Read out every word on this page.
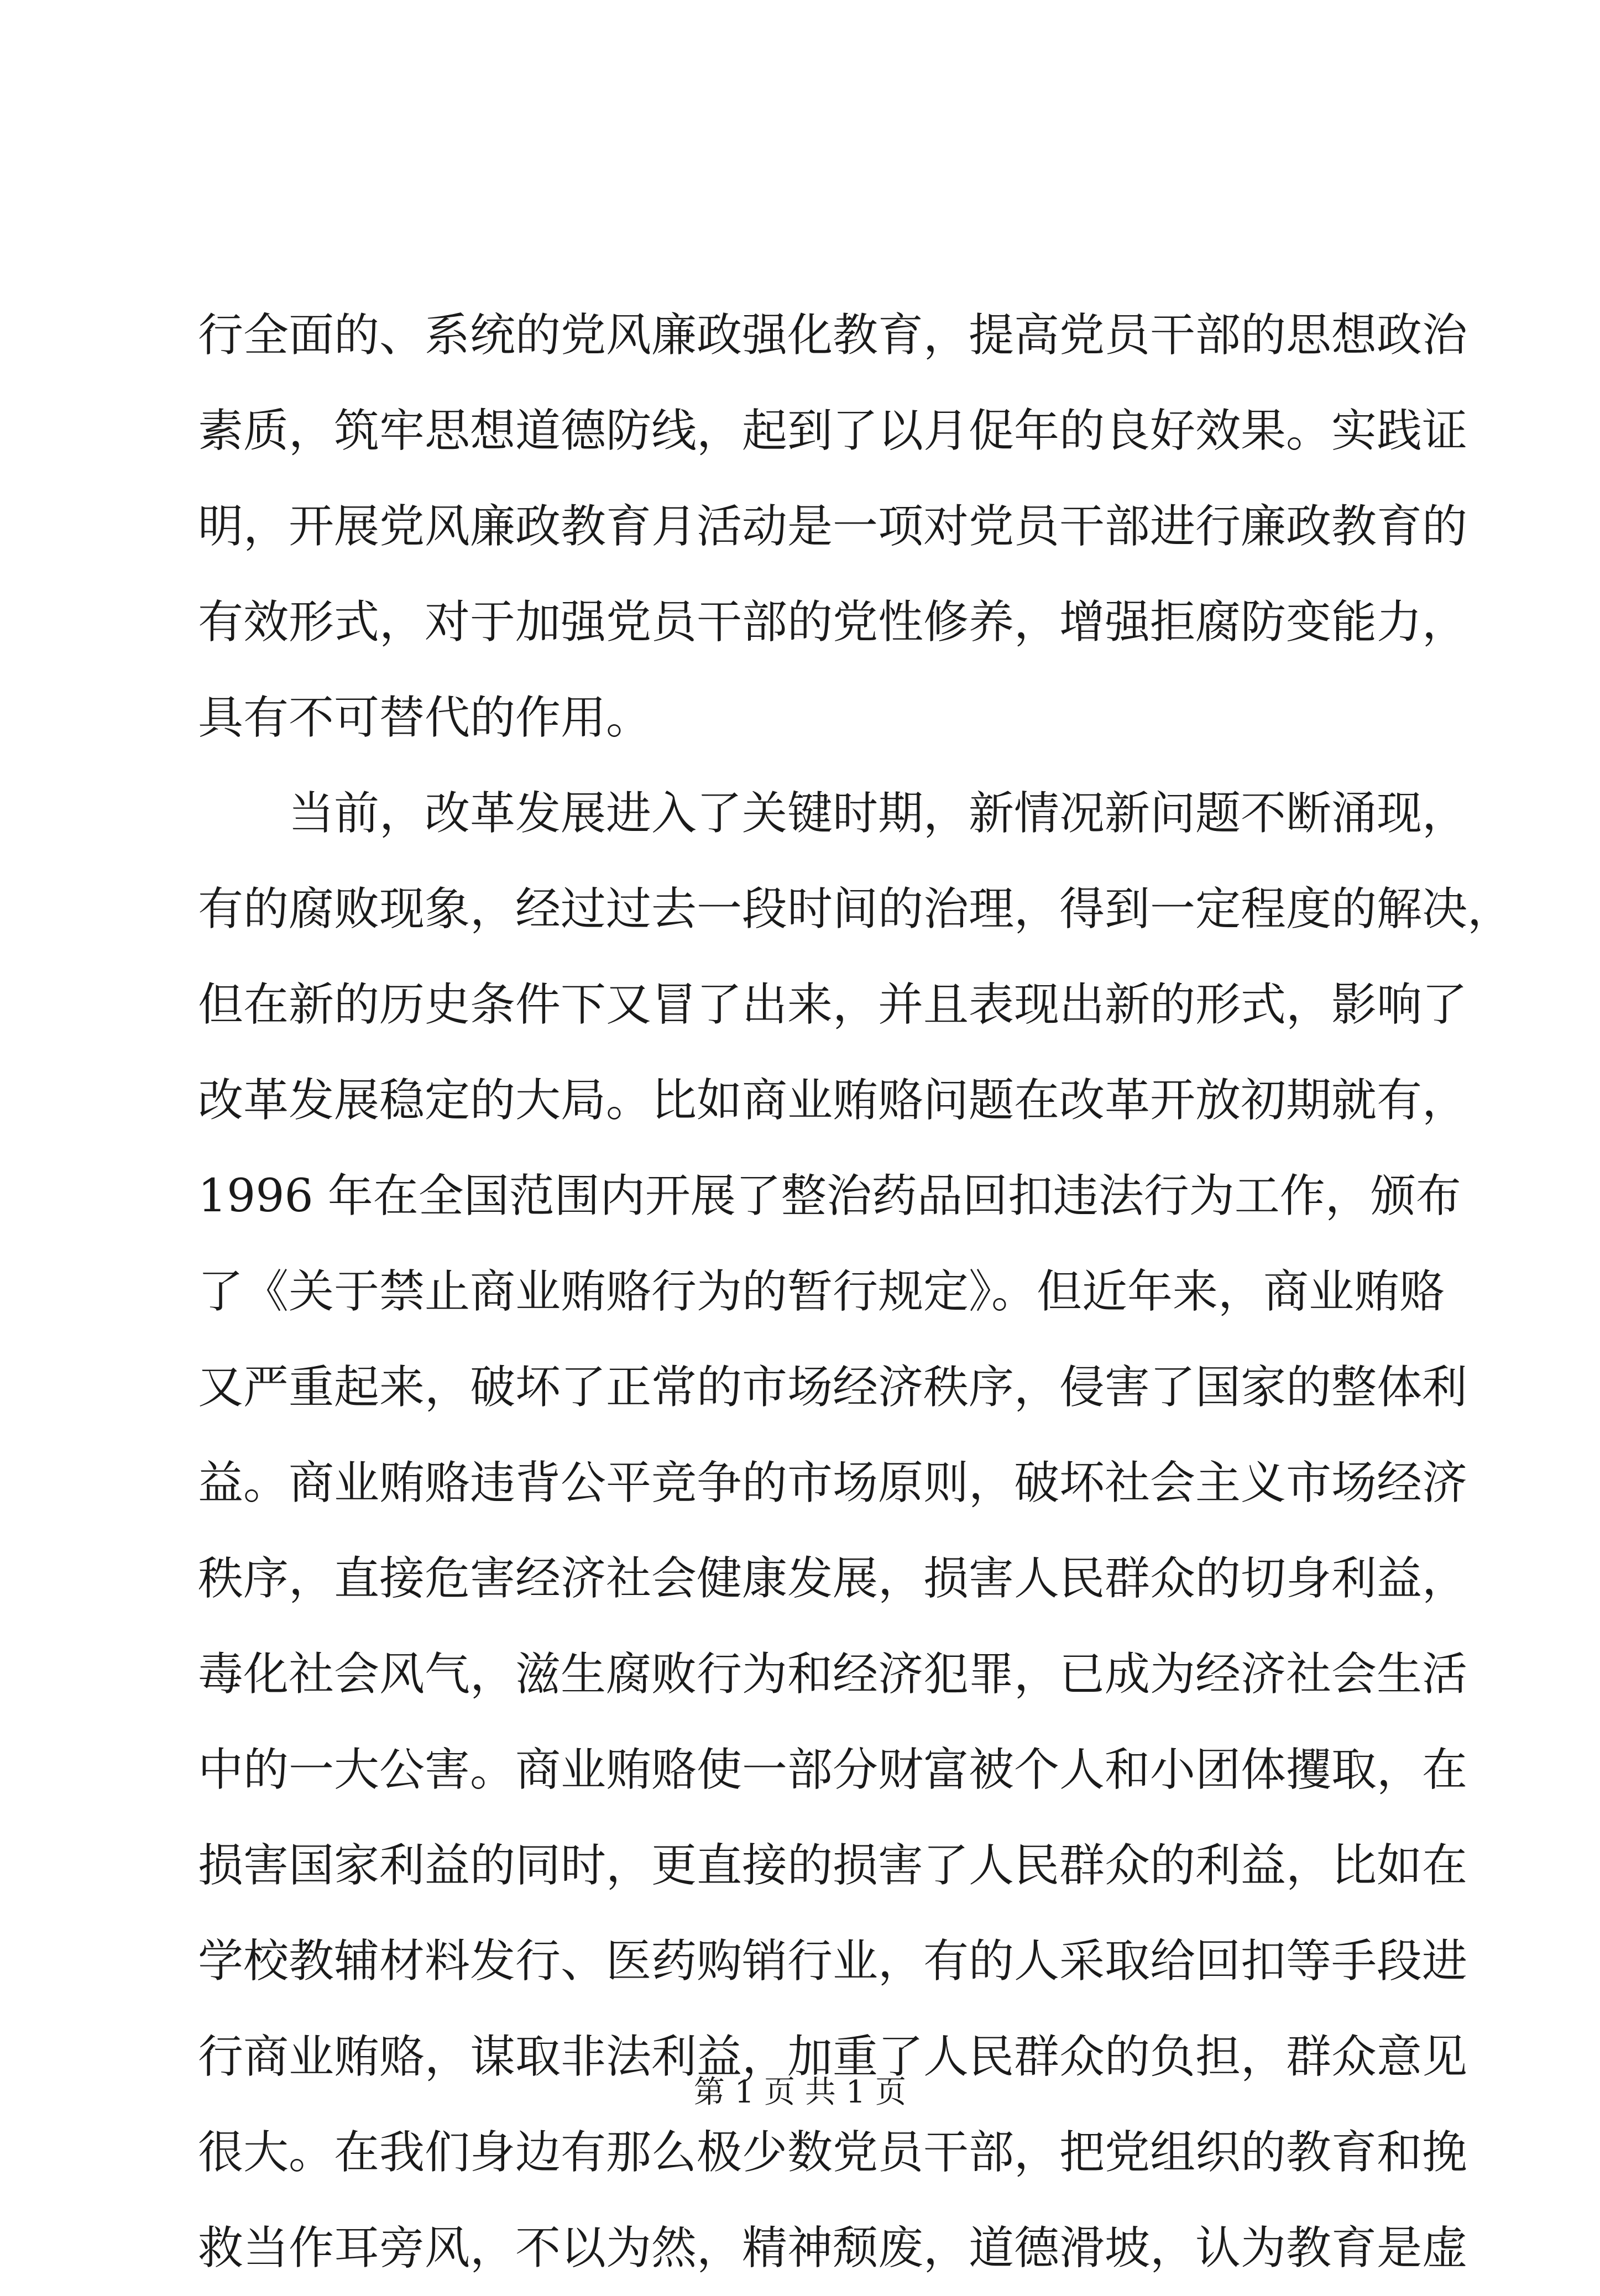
行全面的、系统的党风廉政强化教育，提高党员干部的思想政治
素质，筑牢思想道德防线，起到了以月促年的良好效果。实践证
明，开展党风廉政教育月活动是一项对党员干部进行廉政教育的
有效形式，对于加强党员干部的党性修养，增强拒腐防变能力，
具有不可替代的作用。
当前，改革发展进入了关键时期，新情况新问题不断涌现，
有的腐败现象，经过过去一段时间的治理，得到一定程度的解决，
但在新的历史条件下又冒了出来，并且表现出新的形式，影响了
改革发展稳定的大局。比如商业贿赂问题在改革开放初期就有，
1996 年在全国范围内开展了整治药品回扣违法行为工作，颁布
了《关于禁止商业贿赂行为的暂行规定》。但近年来，商业贿赂
又严重起来，破坏了正常的市场经济秩序，侵害了国家的整体利
益。商业贿赂违背公平竞争的市场原则，破坏社会主义市场经济
秩序，直接危害经济社会健康发展，损害人民群众的切身利益，
毒化社会风气，滋生腐败行为和经济犯罪，已成为经济社会生活
中的一大公害。商业贿赂使一部分财富被个人和小团体攫取，在
损害国家利益的同时，更直接的损害了人民群众的利益，比如在
学校教辅材料发行、医药购销行业，有的人采取给回扣等手段进
行商业贿赂，谋取非法利益，加重了人民群众的负担，群众意见
很大。在我们身边有那么极少数党员干部，把党组织的教育和挽
救当作耳旁风，不以为然，精神颓废，道德滑坡，认为教育是虚
第 1 页 共 1 页
